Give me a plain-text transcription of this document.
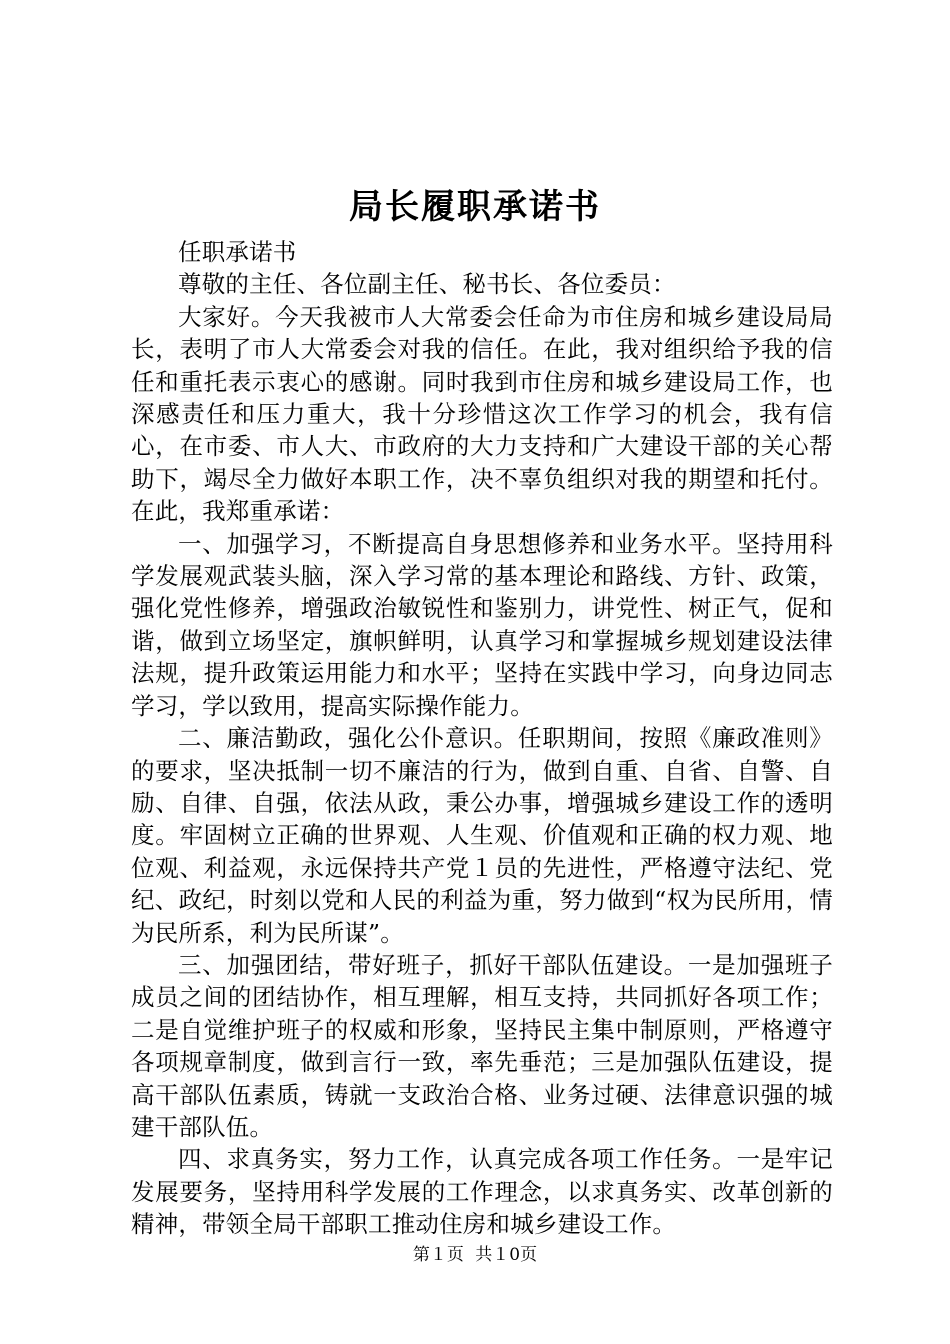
局长履职承诺书

任职承诺书

尊敬的主任、各位副主任、秘书长、各位委员：

大家好。今天我被市人大常委会任命为市住房和城乡建设局局长，表明了市人大常委会对我的信任。在此，我对组织给予我的信任和重托表示衷心的感谢。同时我到市住房和城乡建设局工作，也深感责任和压力重大，我十分珍惜这次工作学习的机会，我有信心，在市委、市人大、市政府的大力支持和广大建设干部的关心帮助下，竭尽全力做好本职工作，决不辜负组织对我的期望和托付。在此，我郑重承诺：

一、加强学习，不断提高自身思想修养和业务水平。坚持用科学发展观武装头脑，深入学习常的基本理论和路线、方针、政策，强化党性修养，增强政治敏锐性和鉴别力，讲党性、树正气，促和谐，做到立场坚定，旗帜鲜明，认真学习和掌握城乡规划建设法律法规，提升政策运用能力和水平；坚持在实践中学习，向身边同志学习，学以致用，提高实际操作能力。

二、廉洁勤政，强化公仆意识。任职期间，按照《廉政准则》的要求，坚决抵制一切不廉洁的行为，做到自重、自省、自警、自励、自律、自强，依法从政，秉公办事，增强城乡建设工作的透明度。牢固树立正确的世界观、人生观、价值观和正确的权力观、地位观、利益观，永远保持共产党１员的先进性，严格遵守法纪、党纪、政纪，时刻以党和人民的利益为重，努力做到“权为民所用，情为民所系，利为民所谋”。

三、加强团结，带好班子，抓好干部队伍建设。一是加强班子成员之间的团结协作，相互理解，相互支持，共同抓好各项工作；二是自觉维护班子的权威和形象，坚持民主集中制原则，严格遵守各项规章制度，做到言行一致，率先垂范；三是加强队伍建设，提高干部队伍素质，铸就一支政治合格、业务过硬、法律意识强的城建干部队伍。

四、求真务实，努力工作，认真完成各项工作任务。一是牢记发展要务，坚持用科学发展的工作理念，以求真务实、改革创新的精神，带领全局干部职工推动住房和城乡建设工作。

第１页 共１0页
